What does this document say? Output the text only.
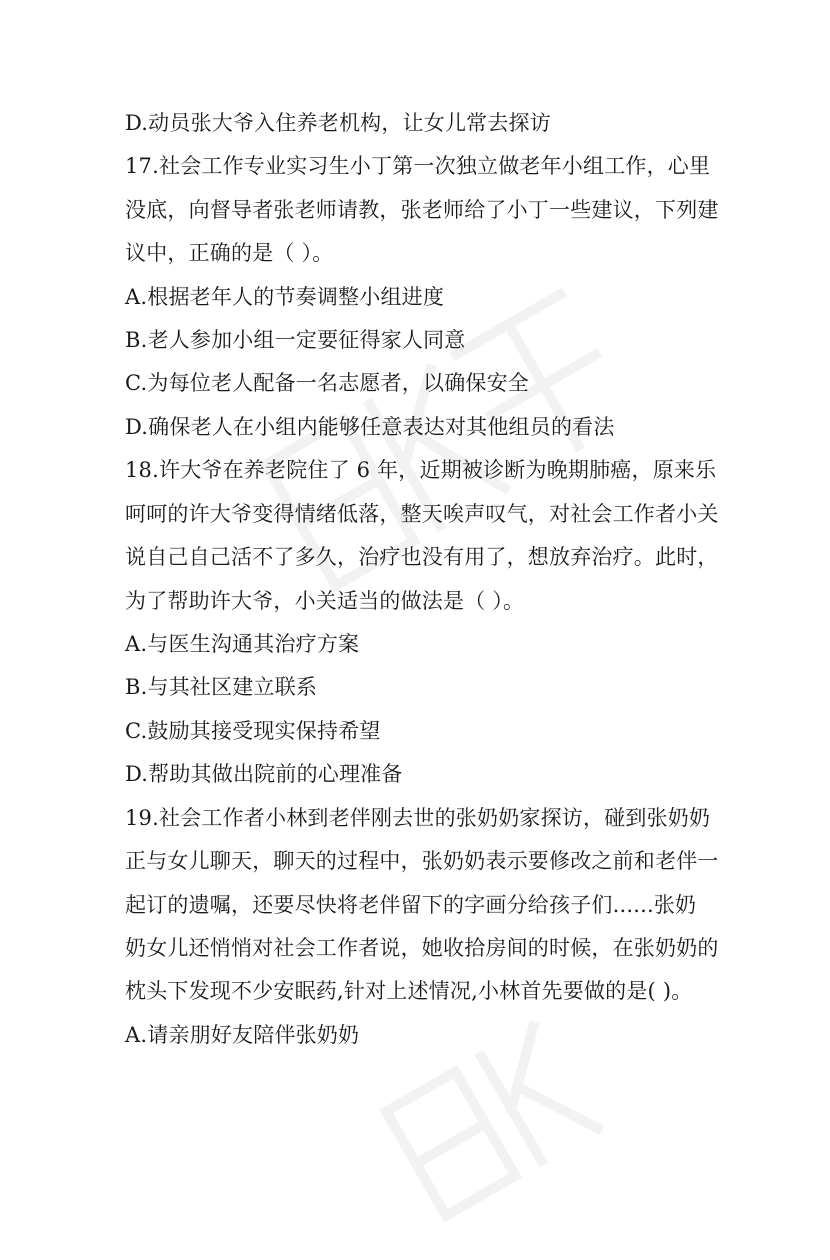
D.动员张大爷入住养老机构，让女儿常去探访
17.社会工作专业实习生小丁第一次独立做老年小组工作，心里
没底，向督导者张老师请教，张老师给了小丁一些建议，下列建
议中，正确的是（ ）。
A.根据老年人的节奏调整小组进度
B.老人参加小组一定要征得家人同意
C.为每位老人配备一名志愿者，以确保安全
D.确保老人在小组内能够任意表达对其他组员的看法
18.许大爷在养老院住了 6 年，近期被诊断为晚期肺癌，原来乐
呵呵的许大爷变得情绪低落，整天唉声叹气，对社会工作者小关
说自己自己活不了多久，治疗也没有用了，想放弃治疗。此时，
为了帮助许大爷，小关适当的做法是（ ）。
A.与医生沟通其治疗方案
B.与其社区建立联系
C.鼓励其接受现实保持希望
D.帮助其做出院前的心理准备
19.社会工作者小林到老伴刚去世的张奶奶家探访，碰到张奶奶
正与女儿聊天，聊天的过程中，张奶奶表示要修改之前和老伴一
起订的遗嘱，还要尽快将老伴留下的字画分给孩子们......张奶
奶女儿还悄悄对社会工作者说，她收拾房间的时候，在张奶奶的
枕头下发现不少安眠药,针对上述情况,小林首先要做的是( )。
A.请亲朋好友陪伴张奶奶
